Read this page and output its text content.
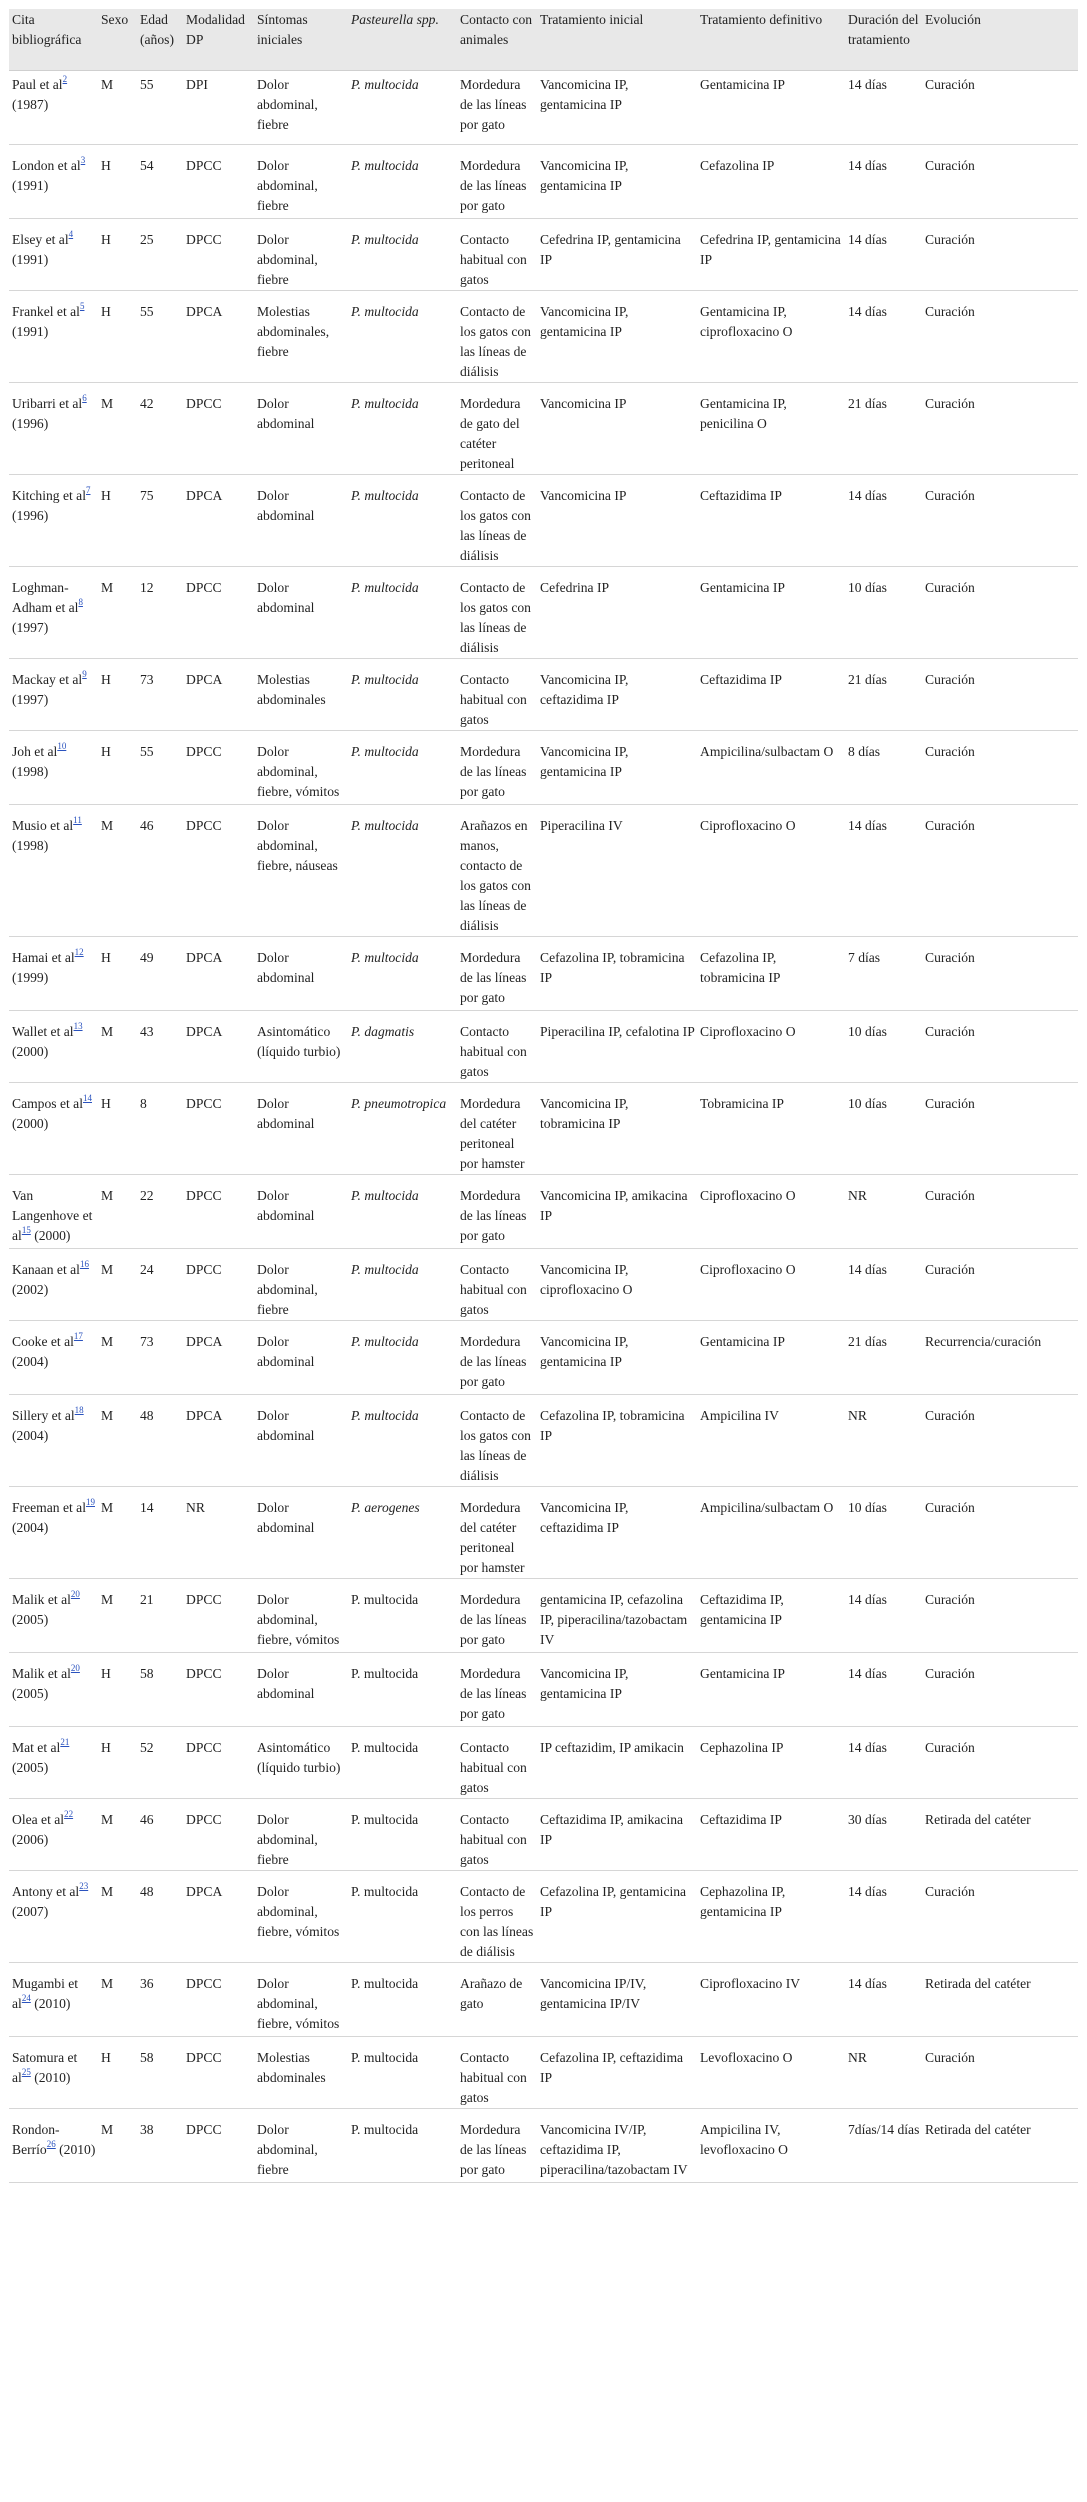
Cita bibliográfica	Sexo	Edad (años)	Modalidad DP	Síntomas iniciales	Pasteurella spp.	Contacto con animales	Tratamiento inicial	Tratamiento definitivo	Duración del tratamiento	Evolución
Paul et $al^2$ (1987)	M	55	DPI	Dolor abdominal, fiebre	P. multocida	Mordedura de las líneas por gato	Vancomicina IP, gentamicina IP	Gentamicina IP	14 días	Curación
London et $al^3$ (1991)	H	54	DPCC	Dolor abdominal, fiebre	P. multocida	Mordedura de las líneas por gato	Vancomicina IP, gentamicina IP	Cefazolina IP	14 días	Curación
Elsey et $al^4$ (1991)	H	25	DPCC	Dolor abdominal, fiebre	P. multocida	Contacto habitual con gatos	Cefedrina IP, gentamicina IP	Cefedrina IP, gentamicina IP	14 días	Curación
Frankel et $al^5$ (1991)	H	55	DPCA	Molestias abdominales, fiebre	P. multocida	Contacto de los gatos con las líneas de diálisis	Vancomicina IP, gentamicina IP	Gentamicina IP, ciprofloxacino O	14 días	Curación
Uribarri et $al^6$ (1996)	M	42	DPCC	Dolor abdominal	P. multocida	Mordedura de gato del catéter peritoneal	Vancomicina IP	Gentamicina IP, penicilina O	21 días	Curación
Kitching et $al^7$ (1996)	H	75	DPCA	Dolor abdominal	P. multocida	Contacto de los gatos con las líneas de diálisis	Vancomicina IP	Ceftazidima IP	14 días	Curación
Loghman-Adham et $al^8$ (1997)	M	12	DPCC	Dolor abdominal	P. multocida	Contacto de los gatos con las líneas de diálisis	Cefedrina IP	Gentamicina IP	10 días	Curación
Mackay et $al^9$ (1997)	H	73	DPCA	Molestias abdominales	P. multocida	Contacto habitual con gatos	Vancomicina IP, ceftazidima IP	Ceftazidima IP	21 días	Curación
Joh et $al^{10}$ (1998)	H	55	DPCC	Dolor abdominal, fiebre, vómitos	P. multocida	Mordedura de las líneas por gato	Vancomicina IP, gentamicina IP	Ampicilina/sulbactam O	8 días	Curación
Musio et $al^{11}$ (1998)	M	46	DPCC	Dolor abdominal, fiebre, náuseas	P. multocida	Arañazos en manos, contacto de los gatos con las líneas de diálisis	Piperacilina IV	Ciprofloxacino O	14 días	Curación
Hamai et $al^{12}$ (1999)	H	49	DPCA	Dolor abdominal	P. multocida	Mordedura de las líneas por gato	Cefazolina IP, tobramicina IP	Cefazolina IP, tobramicina IP	7 días	Curación
Wallet et $al^{13}$ (2000)	M	43	DPCA	Asintomático (líquido turbio)	P. dagmatis	Contacto habitual con gatos	Piperacilina IP, cefalotina IP	Ciprofloxacino O	10 días	Curación
Campos et $al^{14}$ (2000)	H	8	DPCC	Dolor abdominal	P. pneumotropica	Mordedura del catéter peritoneal por hamster	Vancomicina IP, tobramicina IP	Tobramicina IP	10 días	Curación
Van Langenhove et $al^{15}$ (2000)	M	22	DPCC	Dolor abdominal	P. multocida	Mordedura de las líneas por gato	Vancomicina IP, amikacina IP	Ciprofloxacino O	NR	Curación
Kanaan et $al^{16}$ (2002)	M	24	DPCC	Dolor abdominal, fiebre	P. multocida	Contacto habitual con gatos	Vancomicina IP, ciprofloxacino O	Ciprofloxacino O	14 días	Curación
Cooke et $al^{17}$ (2004)	M	73	DPCA	Dolor abdominal	P. multocida	Mordedura de las líneas por gato	Vancomicina IP, gentamicina IP	Gentamicina IP	21 días	Recurrencia/curación
Sillery et $al^{18}$ (2004)	M	48	DPCA	Dolor abdominal	P. multocida	Contacto de los gatos con las líneas de diálisis	Cefazolina IP, tobramicina IP	Ampicilina IV	NR	Curación
Freeman et $al^{19}$ (2004)	M	14	NR	Dolor abdominal	P. aerogenes	Mordedura del catéter peritoneal por hamster	Vancomicina IP, ceftazidima IP	Ampicilina/sulbactam O	10 días	Curación
Malik et $al^{20}$ (2005)	M	21	DPCC	Dolor abdominal, fiebre, vómitos	P. multocida	Mordedura de las líneas por gato	gentamicina IP, cefazolina IP, piperacilina/tazobactam IV	Ceftazidima IP, gentamicina IP	14 días	Curación
Malik et $al^{20}$ (2005)	H	58	DPCC	Dolor abdominal	P. multocida	Mordedura de las líneas por gato	Vancomicina IP, gentamicina IP	Gentamicina IP	14 días	Curación
Mat et $al^{21}$ (2005)	H	52	DPCC	Asintomático (líquido turbio)	P. multocida	Contacto habitual con gatos	IP ceftazidim, IP amikacin	Cephazolina IP	14 días	Curación
Olea et $al^{22}$ (2006)	M	46	DPCC	Dolor abdominal, fiebre	P. multocida	Contacto habitual con gatos	Ceftazidima IP, amikacina IP	Ceftazidima IP	30 días	Retirada del catéter
Antony et $al^{23}$ (2007)	M	48	DPCA	Dolor abdominal, fiebre, vómitos	P. multocida	Contacto de los perros con las líneas de diálisis	Cefazolina IP, gentamicina IP	Cephazolina IP, gentamicina IP	14 días	Curación
Mugambi et $al^{24}$ (2010)	M	36	DPCC	Dolor abdominal, fiebre, vómitos	P. multocida	Arañazo de gato	Vancomicina IP/IV, gentamicina IP/IV	Ciprofloxacino IV	14 días	Retirada del catéter
Satomura et $al^{25}$ (2010)	H	58	DPCC	Molestias abdominales	P. multocida	Contacto habitual con gatos	Cefazolina IP, ceftazidima IP	Levofloxacino O	NR	Curación
Rondon-Berrío$^{26}$ (2010)	M	38	DPCC	Dolor abdominal, fiebre	P. multocida	Mordedura de las líneas por gato	Vancomicina IV/IP, ceftazidima IP, piperacilina/tazobactam IV	Ampicilina IV, levofloxacino O	7días/14 días	Retirada del catéter
